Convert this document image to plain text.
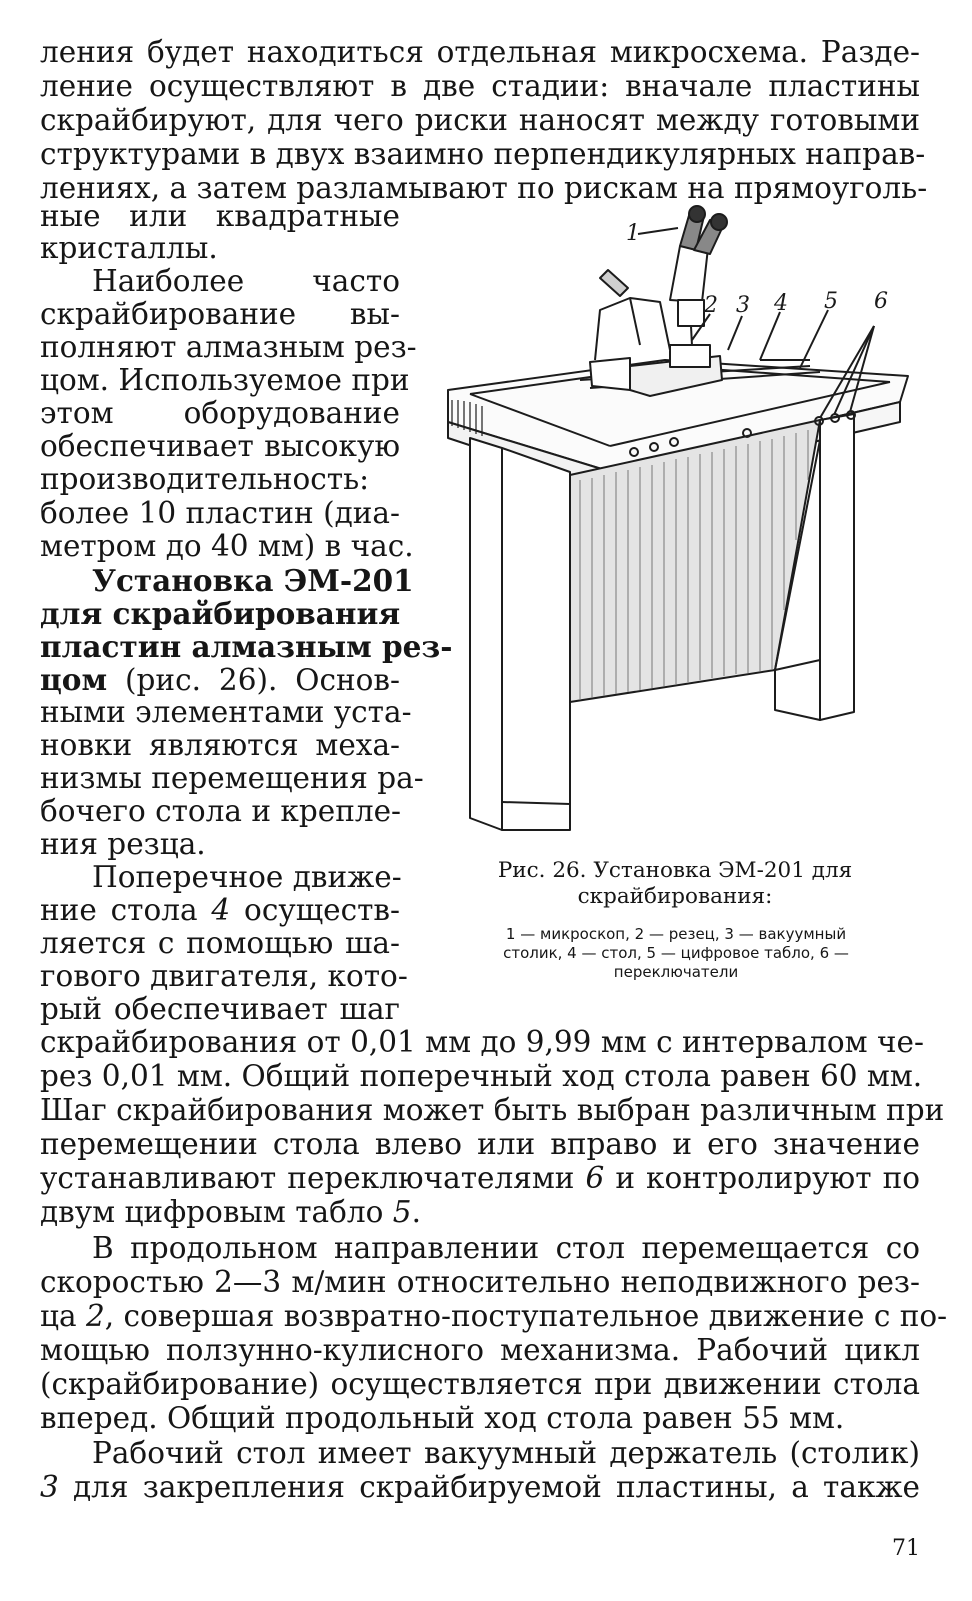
ления будет находиться отдельная микросхема. Разде-
ление осуществляют в две стадии: вначале пластины
скрайбируют, для чего риски наносят между готовыми
структурами в двух взаимно перпендикулярных направ-
лениях, а затем разламывают по рискам на прямоуголь-
ные или квадратные
кристаллы.
Наиболее часто
скрайбирование вы-
полняют алмазным рез-
цом. Используемое при
этом оборудование
обеспечивает высокую
производительность:
более 10 пластин (диа-
метром до 40 мм) в час.
Установка ЭМ-201
для скрайбирования
пластин алмазным рез-
цом (рис. 26). Основ-
ными элементами уста-
новки являются меха-
низмы перемещения ра-
бочего стола и крепле-
ния резца.
Поперечное движе-
ние стола 4 осуществ-
ляется с помощью ша-
гового двигателя, кото-
рый обеспечивает шаг
скрайбирования от 0,01 мм до 9,99 мм с интервалом че-
рез 0,01 мм. Общий поперечный ход стола равен 60 мм.
Шаг скрайбирования может быть выбран различным при
перемещении стола влево или вправо и его значение
устанавливают переключателями 6 и контролируют по
двум цифровым табло 5.
В продольном направлении стол перемещается со
скоростью 2—3 м/мин относительно неподвижного рез-
ца 2, совершая возвратно-поступательное движение с по-
мощью ползунно-кулисного механизма. Рабочий цикл
(скрайбирование) осуществляется при движении стола
вперед. Общий продольный ход стола равен 55 мм.
Рабочий стол имеет вакуумный держатель (столик)
3 для закрепления скрайбируемой пластины, а также
1
2 3 4 5 6
Рис. 26. Установка ЭМ-201 для
скрайбирования:
1 — микроскоп, 2 — резец, 3 — вакуумный
столик, 4 — стол, 5 — цифровое табло, 6 —
переключатели
71
